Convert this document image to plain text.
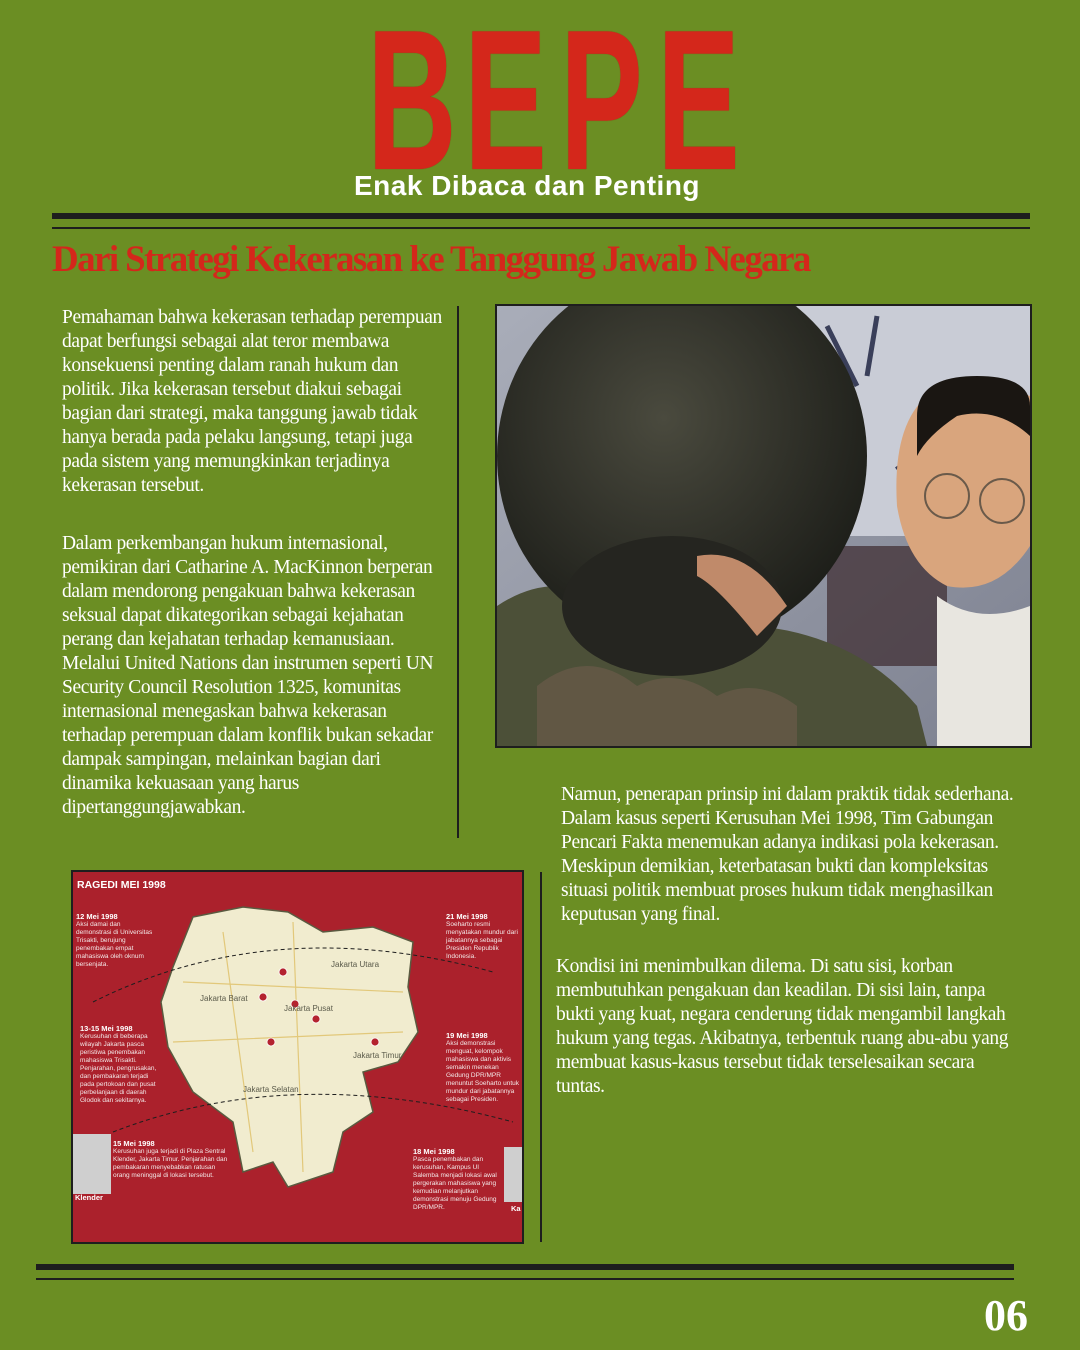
B E P E
Enak Dibaca dan Penting
Dari Strategi Kekerasan ke Tanggung Jawab Negara
Pemahaman bahwa kekerasan terhadap perempuan dapat berfungsi sebagai alat teror membawa konsekuensi penting dalam ranah hukum dan politik. Jika kekerasan tersebut diakui sebagai bagian dari strategi, maka tanggung jawab tidak hanya berada pada pelaku langsung, tetapi juga pada sistem yang memungkinkan terjadinya kekerasan tersebut.
Dalam perkembangan hukum internasional, pemikiran dari Catharine A. MacKinnon berperan dalam mendorong pengakuan bahwa kekerasan seksual dapat dikategorikan sebagai kejahatan perang dan kejahatan terhadap kemanusiaan. Melalui United Nations dan instrumen seperti UN Security Council Resolution 1325, komunitas internasional menegaskan bahwa kekerasan terhadap perempuan dalam konflik bukan sekadar dampak sampingan, melainkan bagian dari dinamika kekuasaan yang harus dipertanggungjawabkan.
Namun, penerapan prinsip ini dalam praktik tidak sederhana. Dalam kasus seperti Kerusuhan Mei 1998, Tim Gabungan Pencari Fakta menemukan adanya indikasi pola kekerasan. Meskipun demikian, keterbatasan bukti dan kompleksitas situasi politik membuat proses hukum tidak menghasilkan keputusan yang final.
Kondisi ini menimbulkan dilema. Di satu sisi, korban membutuhkan pengakuan dan keadilan. Di sisi lain, tanpa bukti yang kuat, negara cenderung tidak mengambil langkah hukum yang tegas. Akibatnya, terbentuk ruang abu-abu yang membuat kasus-kasus tersebut tidak terselesaikan secara tuntas.
RAGEDI MEI 1998
12 Mei 1998
Aksi damai dan demonstrasi di Universitas Trisakti, berujung penembakan empat mahasiswa oleh oknum bersenjata.
13-15 Mei 1998
Kerusuhan di beberapa wilayah Jakarta pasca peristiwa penembakan mahasiswa Trisakti. Penjarahan, pengrusakan, dan pembakaran terjadi pada pertokoan dan pusat perbelanjaan di daerah Glodok dan sekitarnya.
15 Mei 1998
Kerusuhan juga terjadi di Plaza Sentral Klender, Jakarta Timur. Penjarahan dan pembakaran menyebabkan ratusan orang meninggal di lokasi tersebut.
21 Mei 1998
Soeharto resmi menyatakan mundur dari jabatannya sebagai Presiden Republik Indonesia.
19 Mei 1998
Aksi demonstrasi menguat, kelompok mahasiswa dan aktivis semakin menekan Gedung DPR/MPR menuntut Soeharto untuk mundur dari jabatannya sebagai Presiden.
18 Mei 1998
Pasca penembakan dan kerusuhan, Kampus UI Salemba menjadi lokasi awal pergerakan mahasiswa yang kemudian melanjutkan demonstrasi menuju Gedung DPR/MPR.
Jakarta Utara
Jakarta Barat
Jakarta Pusat
Jakarta Timur
Jakarta Selatan
Klender
Ka
06
